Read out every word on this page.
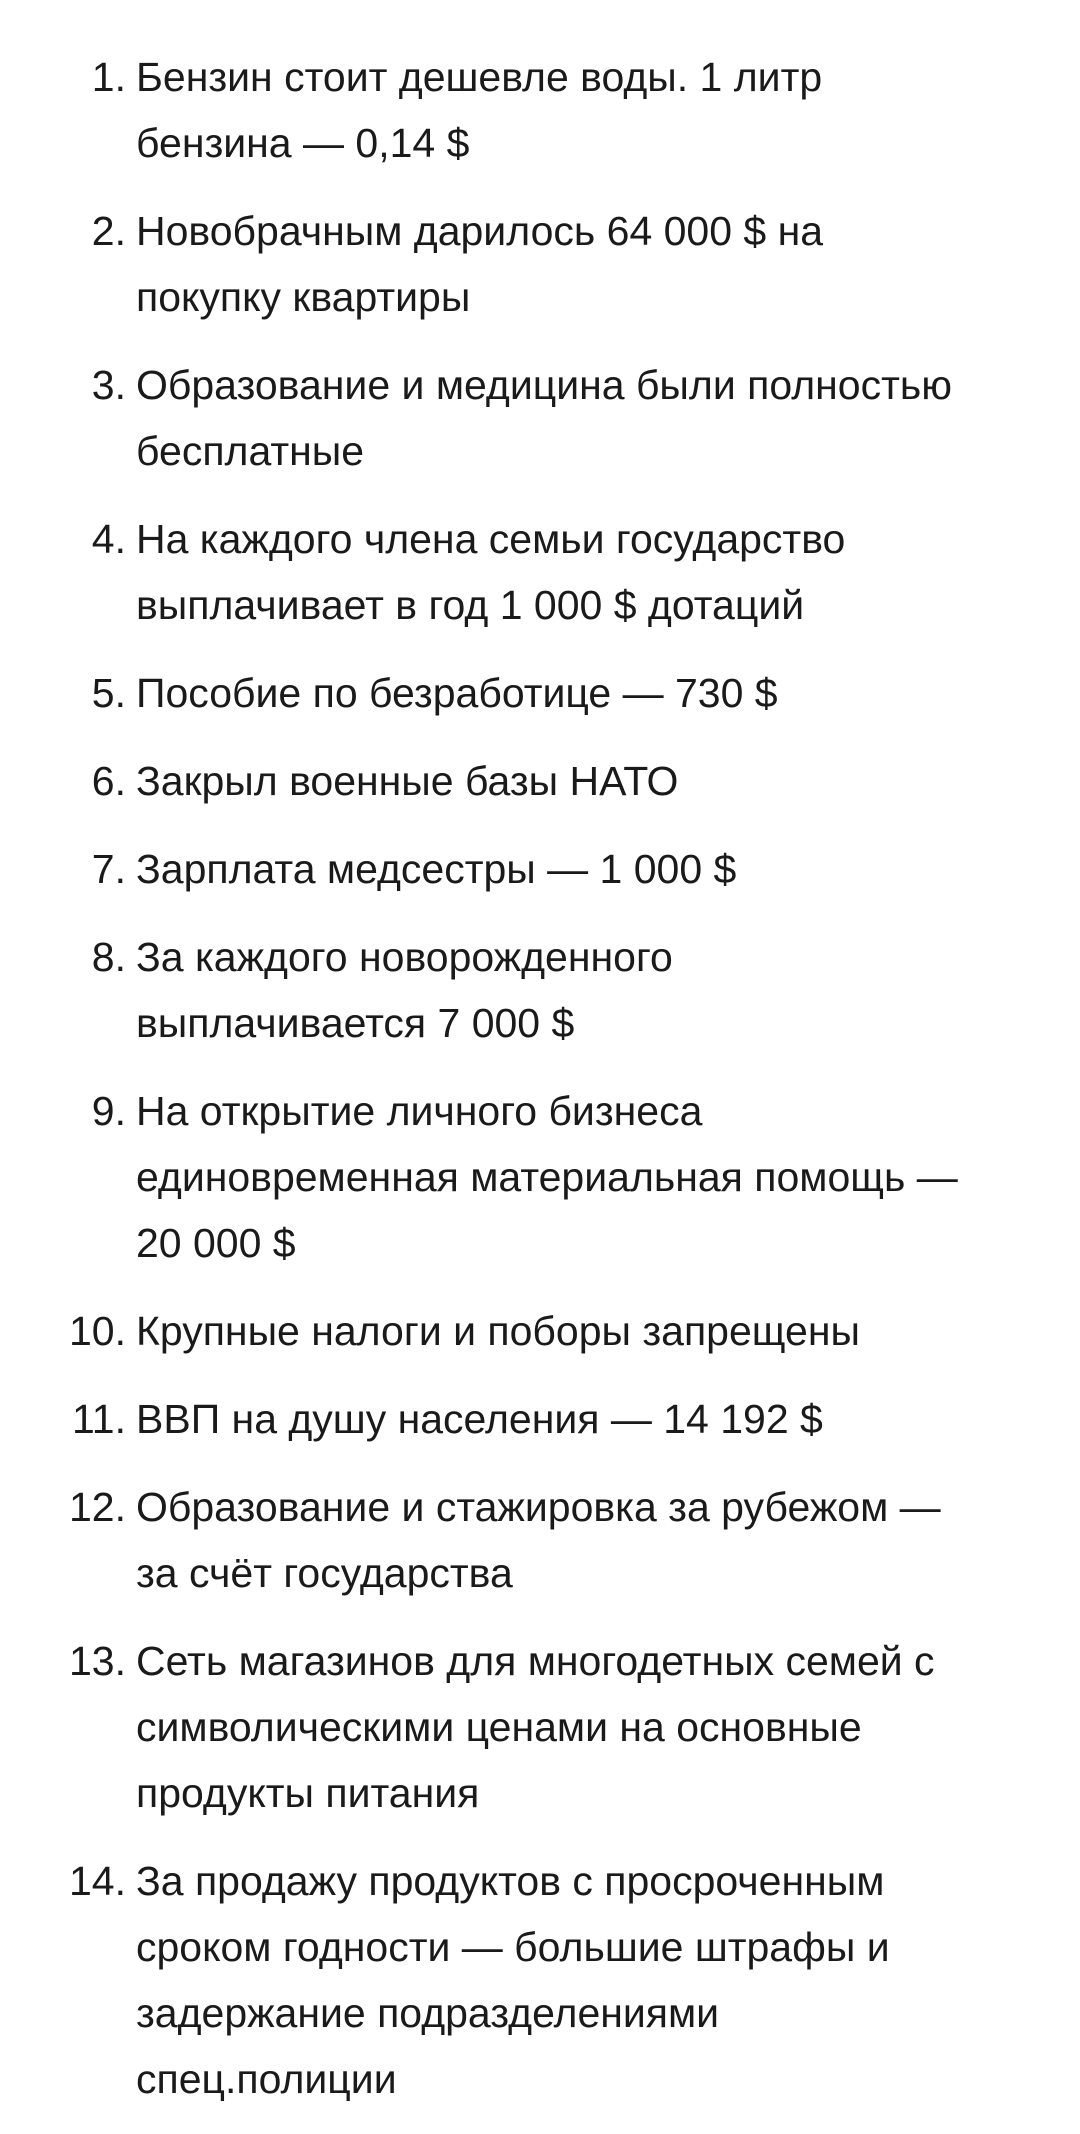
1. Бензин стоит дешевле воды. 1 литр
бензина — 0,14 $
2. Новобрачным дарилось 64 000 $ на
покупку квартиры
3. Образование и медицина были полностью
бесплатные
4. На каждого члена семьи государство
выплачивает в год 1 000 $ дотаций
5. Пособие по безработице — 730 $
6. Закрыл военные базы НАТО
7. Зарплата медсестры — 1 000 $
8. За каждого новорожденного
выплачивается 7 000 $
9. На открытие личного бизнеса
единовременная материальная помощь —
20 000 $
10. Крупные налоги и поборы запрещены
11. ВВП на душу населения — 14 192 $
12. Образование и стажировка за рубежом —
за счёт государства
13. Сеть магазинов для многодетных семей с
символическими ценами на основные
продукты питания
14. За продажу продуктов с просроченным
сроком годности — большие штрафы и
задержание подразделениями
спец.полиции
